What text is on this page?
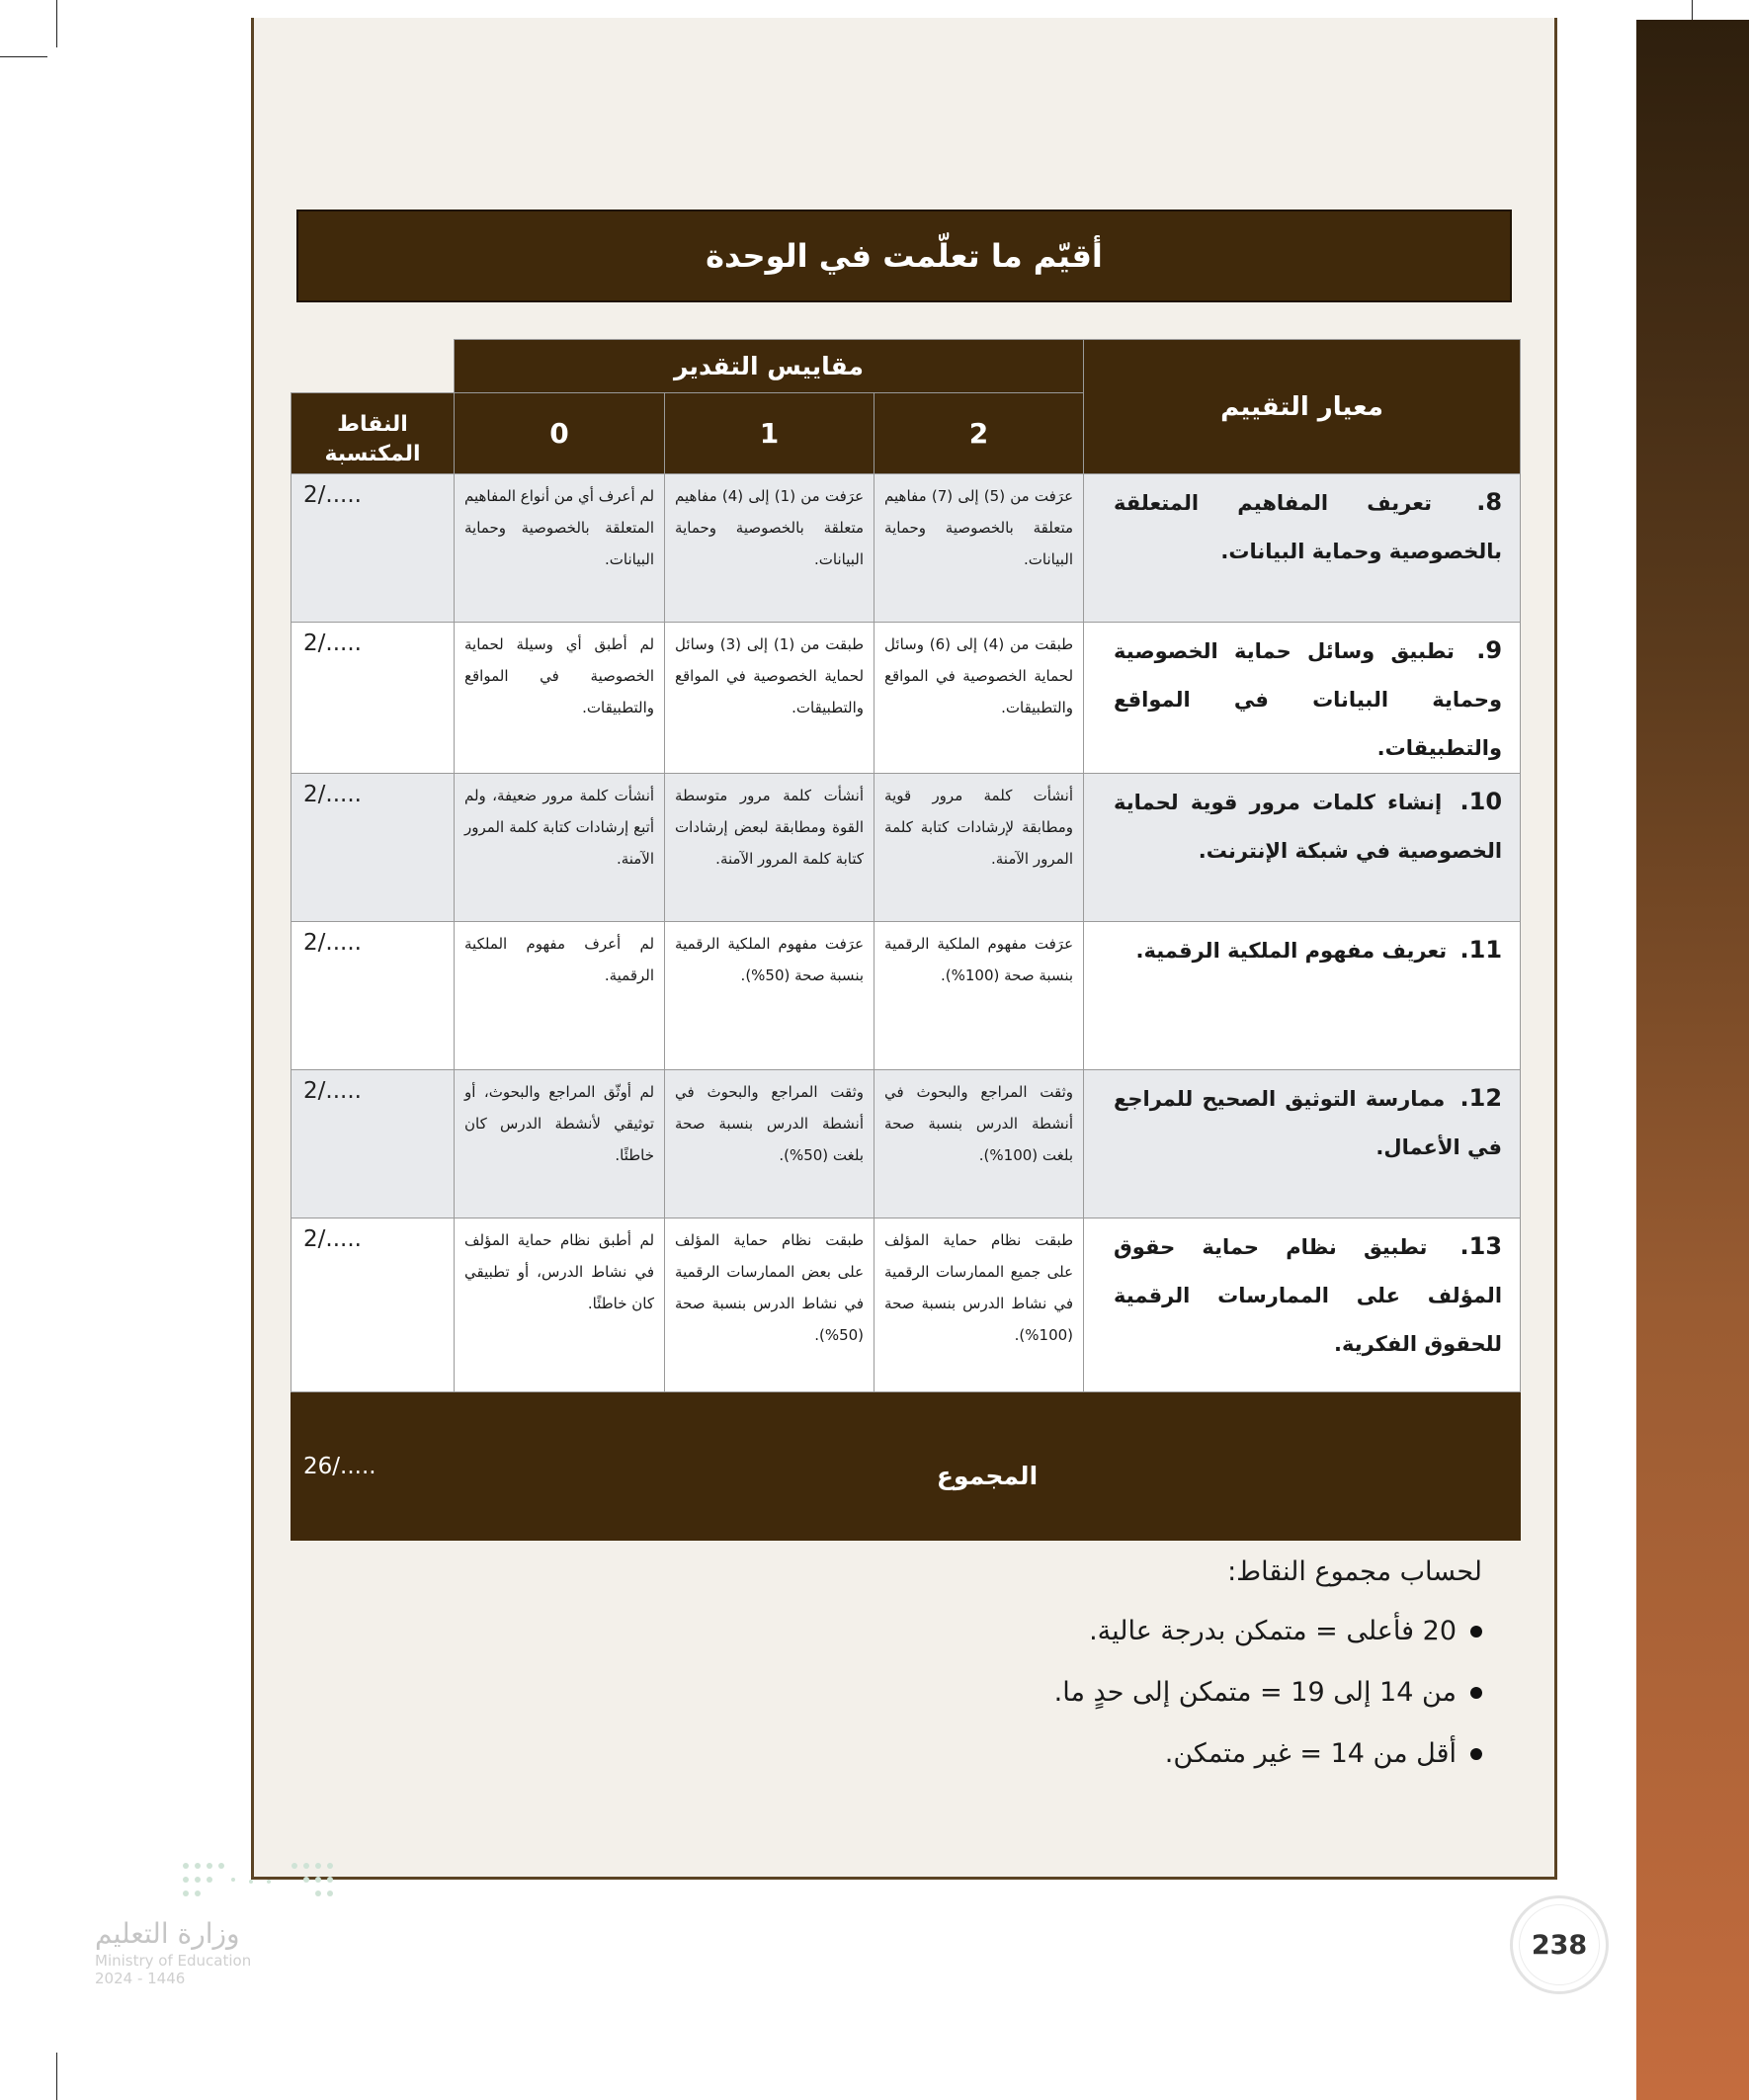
أقيّم ما تعلّمت في الوحدة
معيار التقييم	مقاييس التقدير			
	2	1	0	النقاط المكتسبة
8. تعريف المفاهيم المتعلقة بالخصوصية وحماية البيانات.	عرَفت من (5) إلى (7) مفاهيم متعلقة بالخصوصية وحماية البيانات.	عرَفت من (1) إلى (4) مفاهيم متعلقة بالخصوصية وحماية البيانات.	لم أعرف أي من أنواع المفاهيم المتعلقة بالخصوصية وحماية البيانات.	2/.....
9. تطبيق وسائل حماية الخصوصية وحماية البيانات في المواقع والتطبيقات.	طبقت من (4) إلى (6) وسائل لحماية الخصوصية في المواقع والتطبيقات.	طبقت من (1) إلى (3) وسائل لحماية الخصوصية في المواقع والتطبيقات.	لم أطبق أي وسيلة لحماية الخصوصية في المواقع والتطبيقات.	2/.....
10. إنشاء كلمات مرور قوية لحماية الخصوصية في شبكة الإنترنت.	أنشأت كلمة مرور قوية ومطابقة لإرشادات كتابة كلمة المرور الآمنة.	أنشأت كلمة مرور متوسطة القوة ومطابقة لبعض إرشادات كتابة كلمة المرور الآمنة.	أنشأت كلمة مرور ضعيفة، ولم أتبع إرشادات كتابة كلمة المرور الآمنة.	2/.....
11. تعريف مفهوم الملكية الرقمية.	عرَفت مفهوم الملكية الرقمية بنسبة صحة (100%).	عرَفت مفهوم الملكية الرقمية بنسبة صحة (50%).	لم أعرف مفهوم الملكية الرقمية.	2/.....
12. ممارسة التوثيق الصحيح للمراجع في الأعمال.	وثقت المراجع والبحوث في أنشطة الدرس بنسبة صحة بلغت (100%).	وثقت المراجع والبحوث في أنشطة الدرس بنسبة صحة بلغت (50%).	لم أوثّق المراجع والبحوث، أو توثيقي لأنشطة الدرس كان خاطئًا.	2/.....
13. تطبيق نظام حماية حقوق المؤلف على الممارسات الرقمية للحقوق الفكرية.	طبقت نظام حماية المؤلف على جميع الممارسات الرقمية في نشاط الدرس بنسبة صحة (100%).	طبقت نظام حماية المؤلف على بعض الممارسات الرقمية في نشاط الدرس بنسبة صحة (50%).	لم أطبق نظام حماية المؤلف في نشاط الدرس، أو تطبيقي كان خاطئًا.	2/.....
المجموع				26/.....
لحساب مجموع النقاط:
20 فأعلى = متمكن بدرجة عالية.
من 14 إلى 19 = متمكن إلى حدٍ ما.
أقل من 14 = غير متمكن.
238
وزارة التعليم
Ministry of Education
2024 - 1446
